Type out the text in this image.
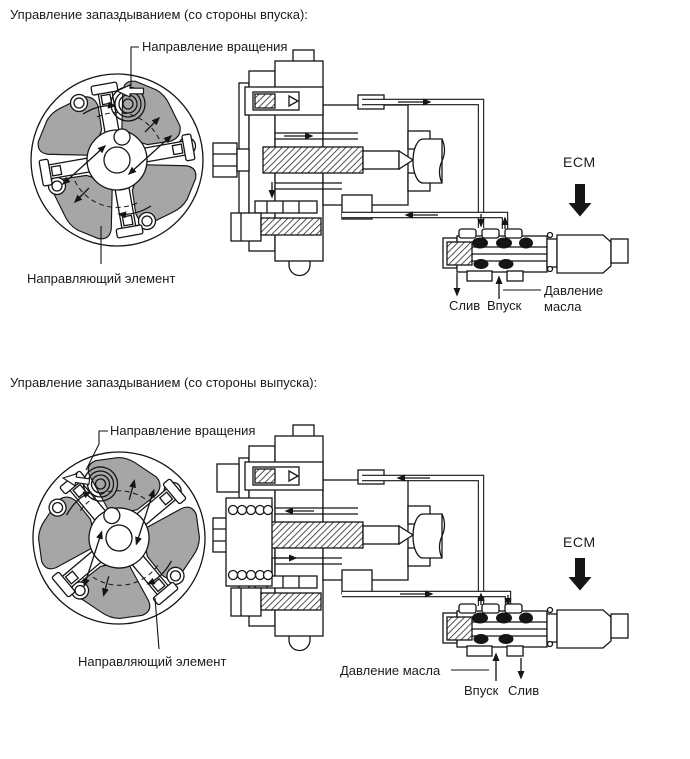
Управление запаздыванием (со стороны впуска):
Направление вращения
Направляющий элемент
ECM
Слив Впуск
Давление
масла
Управление запаздыванием (со стороны выпуска):
Направление вращения
Направляющий элемент
ECM
Давление масла
Впуск Слив
